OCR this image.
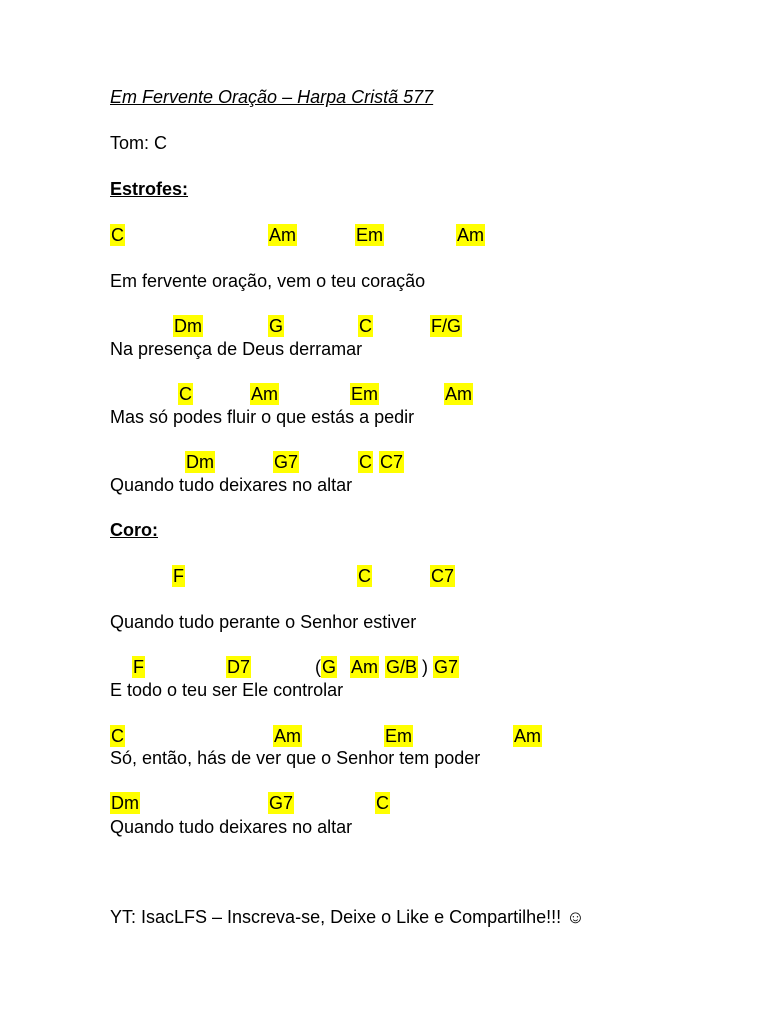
Em Fervente Oração – Harpa Cristã 577
Tom: C
Estrofes:
C	Am	Em	Am
Em fervente oração, vem o teu coração
Dm	G	C	F/G
Na presença de Deus derramar
C	Am	Em	Am
Mas só podes fluir o que estás a pedir
Dm	G7	C C7
Quando tudo deixares no altar
Coro:
F	C	C7
Quando tudo perante o Senhor estiver
F	D7	( G Am G/B ) G7
E todo o teu ser Ele controlar
C	Am	Em	Am
Só, então, hás de ver que o Senhor tem poder
Dm	G7	C
Quando tudo deixares no altar
YT: IsacLFS – Inscreva-se, Deixe o Like e Compartilhe!!! ☺
